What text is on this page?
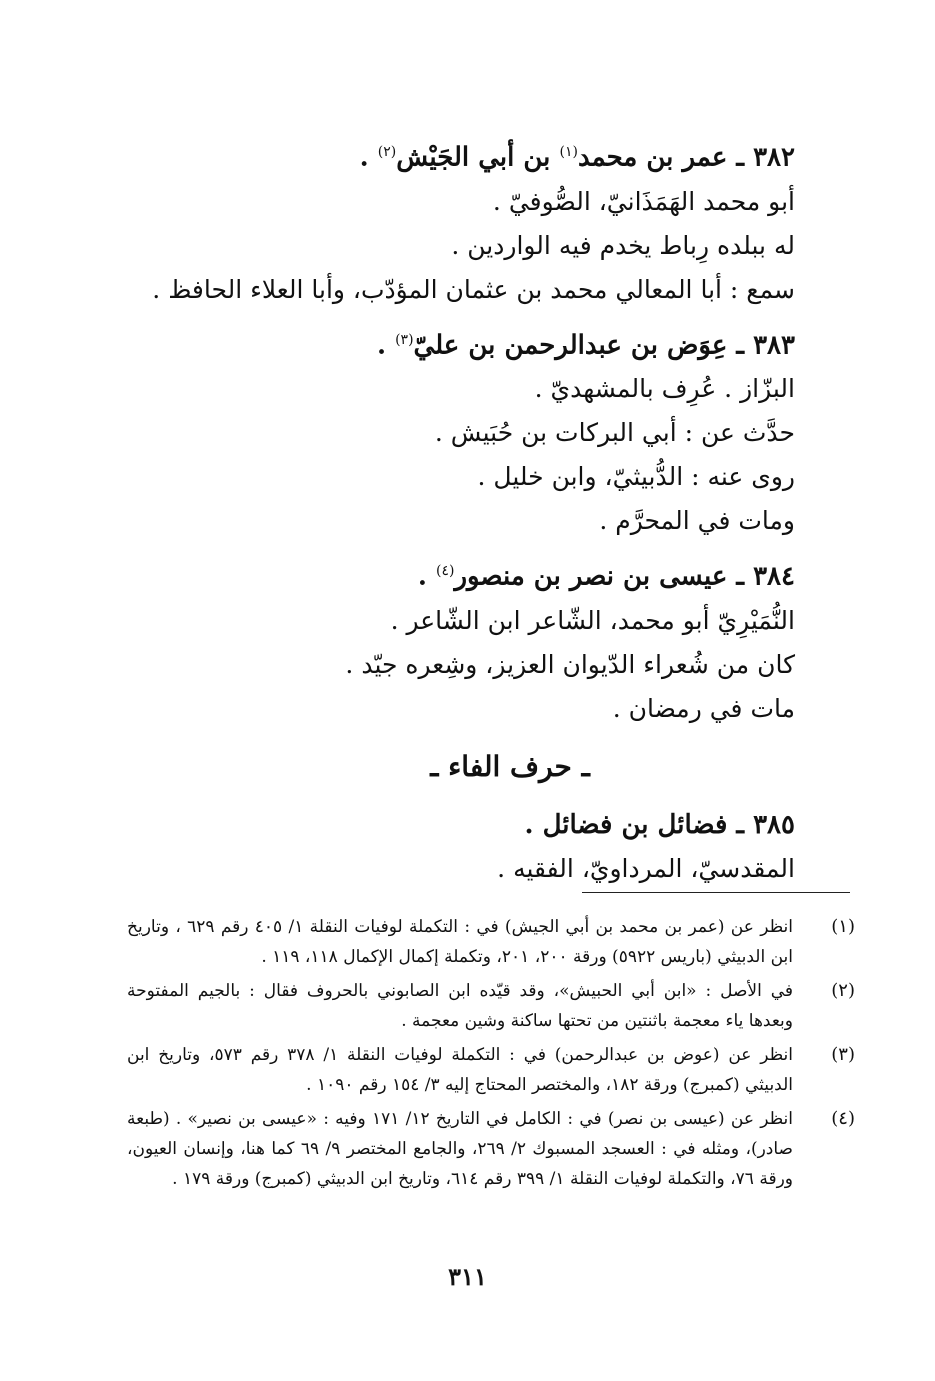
٣٨٢ ـ عمر بن محمد$^{(١)}$ بن أبي الجَيْش$^{(٢)}$ .

أبو محمد الهَمَذَانيّ، الصُّوفيّ .

له ببلده رِباط يخدم فيه الواردين .

سمع : أبا المعالي محمد بن عثمان المؤدّب، وأبا العلاء الحافظ .

٣٨٣ ـ عِوَض بن عبدالرحمن بن عليّ$^{(٣)}$ .

البزّاز . عُرِف بالمشهديّ .

حدَّث عن : أبي البركات بن حُبَيش .

روى عنه : الدُّبيثيّ، وابن خليل .

ومات في المحرَّم .

٣٨٤ ـ عيسى بن نصر بن منصور$^{(٤)}$ .

النُّمَيْرِيّ أبو محمد، الشّاعر ابن الشّاعر .

كان من شُعراء الدّيوان العزيز، وشِعره جيّد .

مات في رمضان .

ـ حرف الفاء ـ

٣٨٥ ـ فضائل بن فضائل .

المقدسيّ، المرداويّ، الفقيه .

(١)
انظر عن (عمر بن محمد بن أبي الجيش) في : التكملة لوفيات النقلة ١/ ٤٠٥ رقم ٦٢٩ ، وتاريخ ابن الدبيثي (باريس ٥٩٢٢) ورقة ٢٠٠، ٢٠١، وتكملة إكمال الإكمال ١١٨، ١١٩ .
(٢)
في الأصل : «ابن أبي الحبيش»، وقد قيّده ابن الصابوني بالحروف فقال : بالجيم المفتوحة وبعدها ياء معجمة باثنتين من تحتها ساكنة وشين معجمة .
(٣)
انظر عن (عوض بن عبدالرحمن) في : التكملة لوفيات النقلة ١/ ٣٧٨ رقم ٥٧٣، وتاريخ ابن الدبيثي (كمبرج) ورقة ١٨٢، والمختصر المحتاج إليه ٣/ ١٥٤ رقم ١٠٩٠ .
(٤)
انظر عن (عيسى بن نصر) في : الكامل في التاريخ ١٢/ ١٧١ وفيه : «عيسى بن نصير» . (طبعة صادر)، ومثله في : العسجد المسبوك ٢/ ٢٦٩، والجامع المختصر ٩/ ٦٩ كما هنا، وإنسان العيون، ورقة ٧٦، والتكملة لوفيات النقلة ١/ ٣٩٩ رقم ٦١٤، وتاريخ ابن الدبيثي (كمبرج) ورقة ١٧٩ .
٣١١
